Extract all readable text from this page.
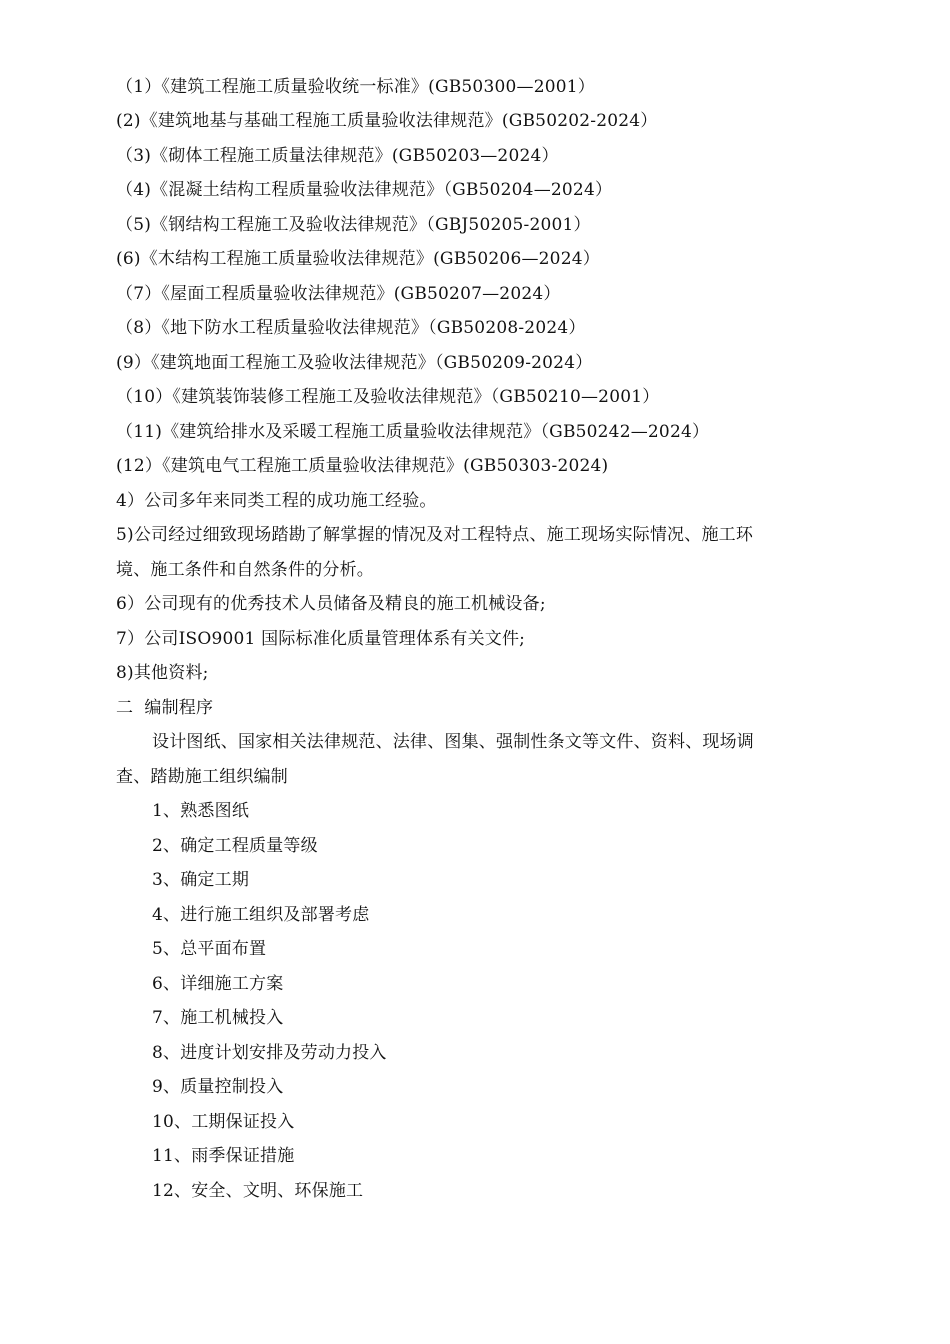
（1）《建筑工程施工质量验收统一标准》(GB50300—2001）
(2)《建筑地基与基础工程施工质量验收法律规范》(GB50202-2024）
（3)《砌体工程施工质量法律规范》(GB50203—2024）
（4)《混凝土结构工程质量验收法律规范》（GB50204—2024）
（5)《钢结构工程施工及验收法律规范》（GBJ50205-2001）
(6)《木结构工程施工质量验收法律规范》(GB50206—2024）
（7）《屋面工程质量验收法律规范》(GB50207—2024）
（8）《地下防水工程质量验收法律规范》（GB50208-2024）
(9）《建筑地面工程施工及验收法律规范》（GB50209-2024）
（10）《建筑装饰装修工程施工及验收法律规范》（GB50210—2001）
（11)《建筑给排水及采暖工程施工质量验收法律规范》（GB50242—2024）
(12）《建筑电气工程施工质量验收法律规范》(GB50303-2024)
4）公司多年来同类工程的成功施工经验。
5)公司经过细致现场踏勘了解掌握的情况及对工程特点、施工现场实际情况、施工环
境、施工条件和自然条件的分析。
6）公司现有的优秀技术人员储备及精良的施工机械设备;
7）公司ISO9001 国际标准化质量管理体系有关文件;
8)其他资料;
二  编制程序
设计图纸、国家相关法律规范、法律、图集、强制性条文等文件、资料、现场调
查、踏勘施工组织编制
1、熟悉图纸
2、确定工程质量等级
3、确定工期
4、进行施工组织及部署考虑
5、总平面布置
6、详细施工方案
7、施工机械投入
8、进度计划安排及劳动力投入
9、质量控制投入
10、工期保证投入
11、雨季保证措施
12、安全、文明、环保施工
